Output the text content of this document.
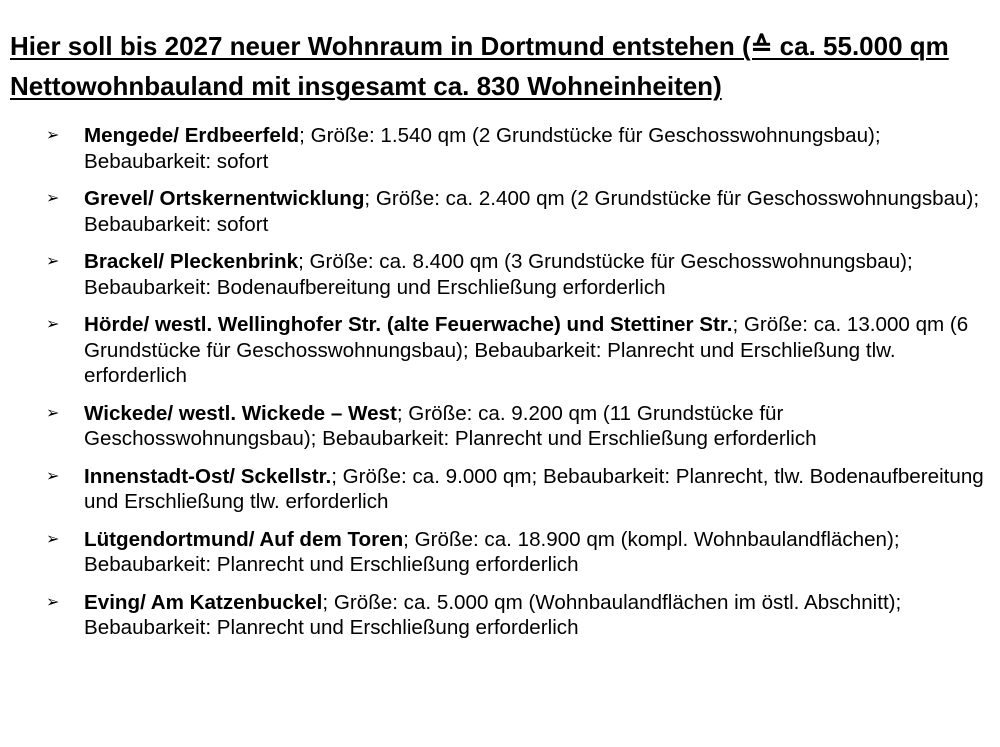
Hier soll bis 2027 neuer Wohnraum in Dortmund entstehen (≙ ca. 55.000 qm Nettowohnbauland mit insgesamt ca. 830 Wohneinheiten)
➢	Mengede/ Erdbeerfeld; Größe: 1.540 qm (2 Grundstücke für Geschosswohnungsbau); Bebaubarkeit: sofort
➢	Grevel/ Ortskernentwicklung; Größe: ca. 2.400 qm (2 Grundstücke für Geschosswohnungsbau); Bebaubarkeit: sofort
➢	Brackel/ Pleckenbrink; Größe: ca. 8.400 qm (3 Grundstücke für Geschosswohnungsbau); Bebaubarkeit: Bodenaufbereitung und Erschließung erforderlich
➢	Hörde/ westl. Wellinghofer Str. (alte Feuerwache) und Stettiner Str.; Größe: ca. 13.000 qm (6 Grundstücke für Geschosswohnungsbau); Bebaubarkeit: Planrecht und Erschließung tlw. erforderlich
➢	Wickede/ westl. Wickede – West; Größe: ca. 9.200 qm (11 Grundstücke für Geschosswohnungsbau); Bebaubarkeit: Planrecht und Erschließung erforderlich
➢	Innenstadt-Ost/ Sckellstr.; Größe: ca. 9.000 qm; Bebaubarkeit: Planrecht, tlw. Bodenaufbereitung und Erschließung tlw. erforderlich
➢	Lütgendortmund/ Auf dem Toren; Größe: ca. 18.900 qm (kompl. Wohnbaulandflächen); Bebaubarkeit: Planrecht und Erschließung erforderlich
➢	Eving/ Am Katzenbuckel; Größe: ca. 5.000 qm (Wohnbaulandflächen im östl. Abschnitt); Bebaubarkeit: Planrecht und Erschließung erforderlich
